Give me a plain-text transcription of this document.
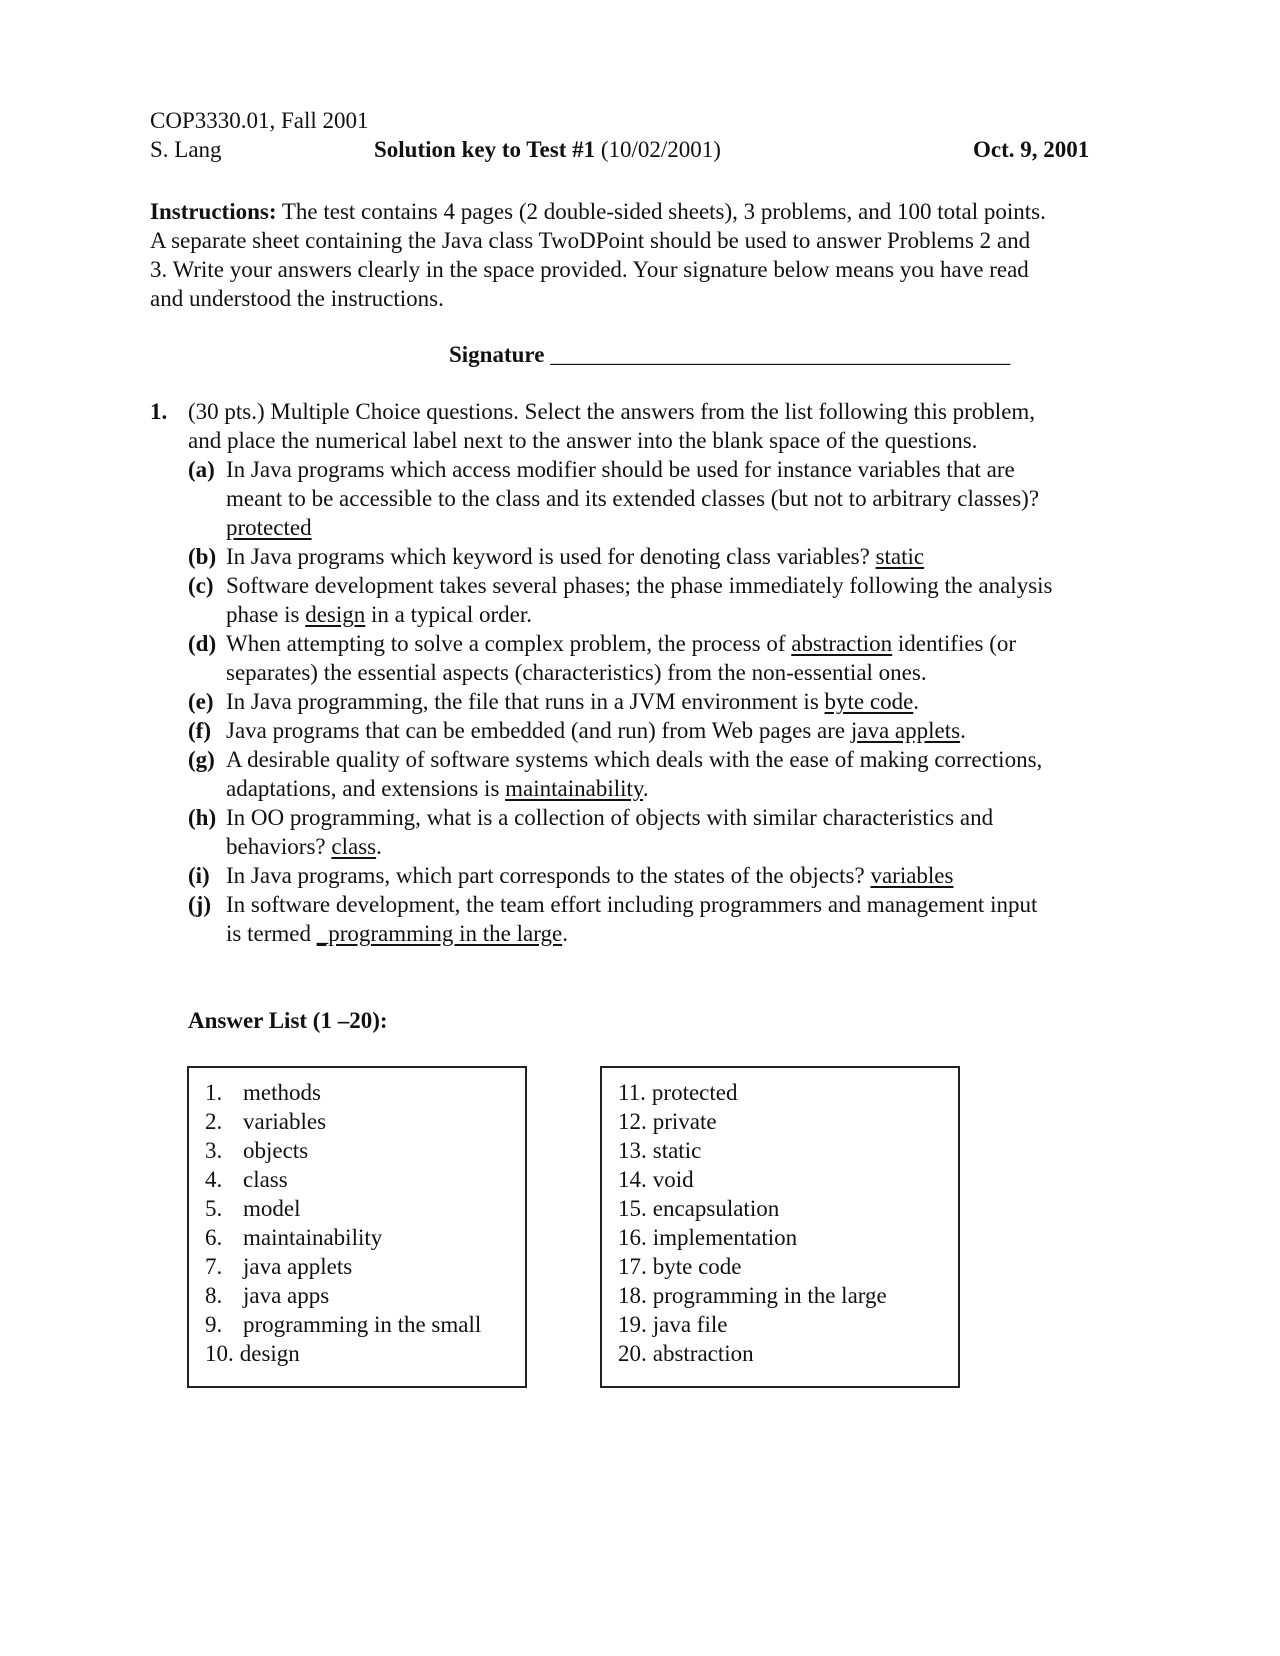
COP3330.01, Fall 2001
S. Lang	Solution key to Test #1 (10/02/2001)	Oct. 9, 2001
Instructions: The test contains 4 pages (2 double-sided sheets), 3 problems, and 100 total points.
A separate sheet containing the Java class TwoDPoint should be used to answer Problems 2 and
3. Write your answers clearly in the space provided. Your signature below means you have read
and understood the instructions.
Signature ________________________________________
1. (30 pts.) Multiple Choice questions. Select the answers from the list following this problem,
and place the numerical label next to the answer into the blank space of the questions.
(a) In Java programs which access modifier should be used for instance variables that are
meant to be accessible to the class and its extended classes (but not to arbitrary classes)?
protected
(b) In Java programs which keyword is used for denoting class variables? static
(c) Software development takes several phases; the phase immediately following the analysis
phase is design in a typical order.
(d) When attempting to solve a complex problem, the process of abstraction identifies (or
separates) the essential aspects (characteristics) from the non-essential ones.
(e) In Java programming, the file that runs in a JVM environment is byte code.
(f) Java programs that can be embedded (and run) from Web pages are java applets.
(g) A desirable quality of software systems which deals with the ease of making corrections,
adaptations, and extensions is maintainability.
(h) In OO programming, what is a collection of objects with similar characteristics and
behaviors? class.
(i) In Java programs, which part corresponds to the states of the objects? variables
(j) In software development, the team effort including programmers and management input
is termed _programming in the large.
Answer List (1 –20):
1. methods
2. variables
3. objects
4. class
5. model
6. maintainability
7. java applets
8. java apps
9. programming in the small
10. design
11. protected
12. private
13. static
14. void
15. encapsulation
16. implementation
17. byte code
18. programming in the large
19. java file
20. abstraction
